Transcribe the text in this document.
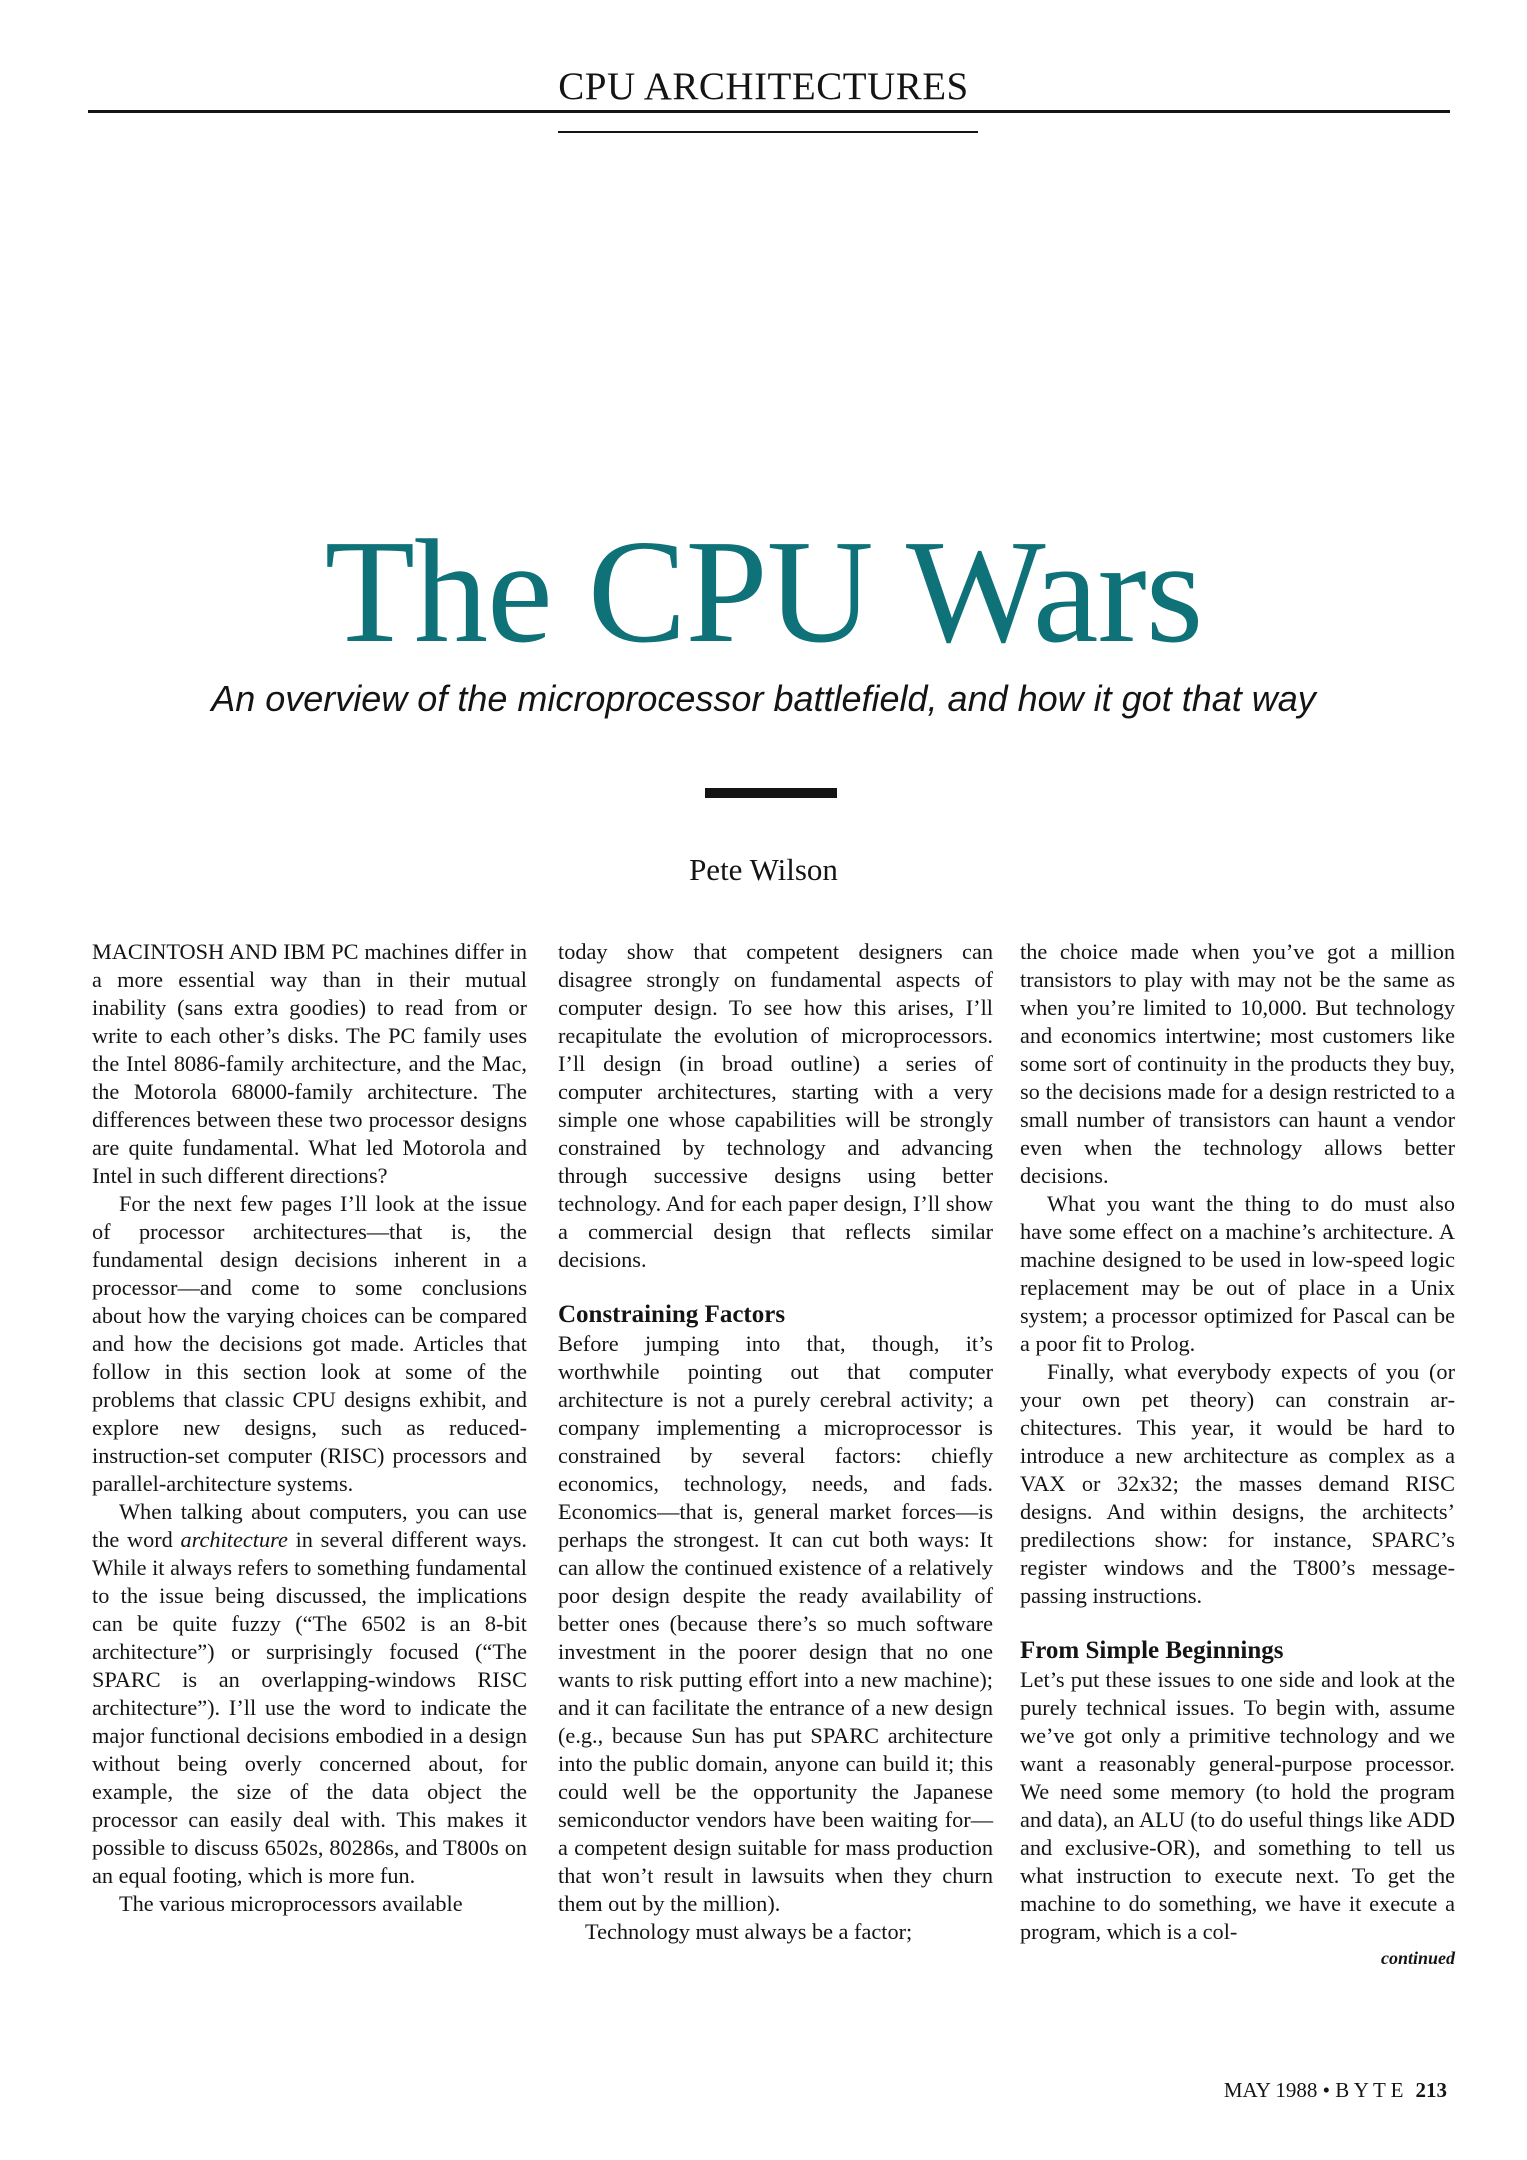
CPU ARCHITECTURES
The CPU Wars
An overview of the microprocessor battlefield, and how it got that way
Pete Wilson

MACINTOSH AND IBM PC machines differ in a more essential way than in their mutual inability (sans extra goodies) to read from or write to each other’s disks. The PC family uses the Intel 8086-family architecture, and the Mac, the Motorola 68000-family architecture. The differences between these two processor designs are quite fundamental. What led Motorola and Intel in such different directions?

For the next few pages I’ll look at the issue of processor architectures—that is, the fundamental design decisions inherent in a processor—and come to some conclusions about how the varying choices can be compared and how the decisions got made. Articles that follow in this section look at some of the problems that classic CPU designs exhibit, and explore new designs, such as reduced-instruction-set computer (RISC) processors and parallel-architecture systems.

When talking about computers, you can use the word architecture in several different ways. While it always refers to something fundamental to the issue being discussed, the implications can be quite fuzzy (“The 6502 is an 8-bit architecture”) or surprisingly focused (“The SPARC is an overlapping-windows RISC architecture”). I’ll use the word to indicate the major functional decisions embodied in a design without being overly concerned about, for example, the size of the data object the processor can easily deal with. This makes it possible to discuss 6502s, 80286s, and T800s on an equal footing, which is more fun.

The various microprocessors available

today show that competent designers can disagree strongly on fundamental aspects of computer design. To see how this arises, I’ll recapitulate the evolution of microprocessors. I’ll design (in broad outline) a series of computer architectures, starting with a very simple one whose capabilities will be strongly constrained by technology and advancing through successive designs using better technology. And for each paper design, I’ll show a commercial design that reflects similar decisions.

Constraining Factors

Before jumping into that, though, it’s worthwhile pointing out that computer architecture is not a purely cerebral activity; a company implementing a microprocessor is constrained by several factors: chiefly economics, technology, needs, and fads. Economics—that is, general market forces—is perhaps the strongest. It can cut both ways: It can allow the continued existence of a relatively poor design despite the ready availability of better ones (because there’s so much software investment in the poorer design that no one wants to risk putting effort into a new machine); and it can facilitate the entrance of a new design (e.g., because Sun has put SPARC architecture into the public domain, anyone can build it; this could well be the opportunity the Japanese semiconductor vendors have been waiting for—a competent design suitable for mass production that won’t result in lawsuits when they churn them out by the million).

Technology must always be a factor;

the choice made when you’ve got a million transistors to play with may not be the same as when you’re limited to 10,000. But technology and economics intertwine; most customers like some sort of continuity in the products they buy, so the decisions made for a design restricted to a small number of transistors can haunt a vendor even when the technology allows better decisions.

What you want the thing to do must also have some effect on a machine’s architecture. A machine designed to be used in low-speed logic replacement may be out of place in a Unix system; a processor optimized for Pascal can be a poor fit to Prolog.

Finally, what everybody expects of you (or your own pet theory) can constrain architectures. This year, it would be hard to introduce a new architecture as complex as a VAX or 32x32; the masses demand RISC designs. And within designs, the architects’ predilections show: for instance, SPARC’s register windows and the T800’s message-passing instructions.

From Simple Beginnings

Let’s put these issues to one side and look at the purely technical issues. To begin with, assume we’ve got only a primitive technology and we want a reasonably general-purpose processor. We need some memory (to hold the program and data), an ALU (to do useful things like ADD and exclusive-OR), and something to tell us what instruction to execute next. To get the machine to do something, we have it execute a program, which is a col-

continued
MAY 1988 • B Y T E 213
